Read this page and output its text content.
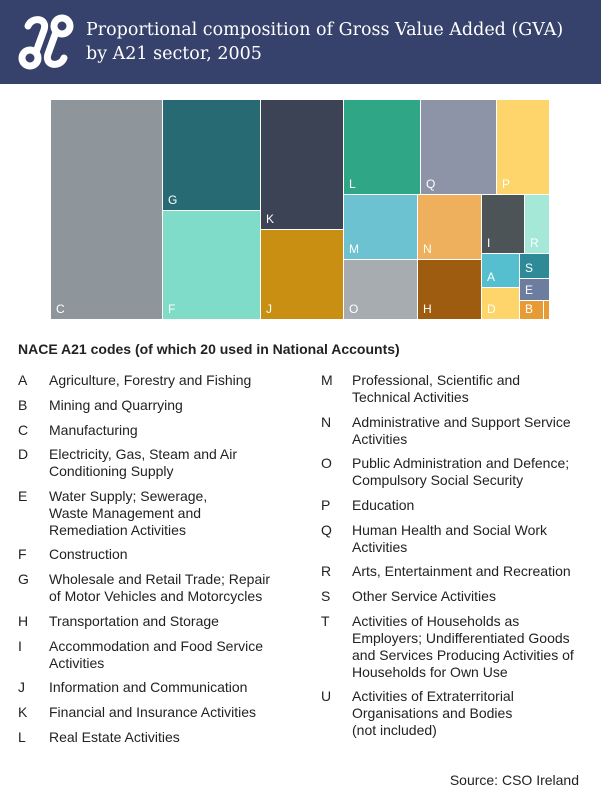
Proportional composition of Gross Value Added (GVA)
by A21 sector, 2005
C
G
F
K
J
L	Q	P
M	N
O	H
I	R
A
S
D
E
B
NACE A21 codes (of which 20 used in National Accounts)
A	Agriculture, Forestry and Fishing
B	Mining and Quarrying
C	Manufacturing
D	Electricity, Gas, Steam and Air
Conditioning Supply
E	Water Supply; Sewerage,
Waste Management and
Remediation Activities
F	Construction
G	Wholesale and Retail Trade; Repair
of Motor Vehicles and Motorcycles
H	Transportation and Storage
I	Accommodation and Food Service
Activities
J	Information and Communication
K	Financial and Insurance Activities
L	Real Estate Activities
M	Professional, Scientific and
Technical Activities
N	Administrative and Support Service
Activities
O	Public Administration and Defence;
Compulsory Social Security
P	Education
Q	Human Health and Social Work
Activities
R	Arts, Entertainment and Recreation
S	Other Service Activities
T	Activities of Households as
Employers; Undifferentiated Goods
and Services Producing Activities of
Households for Own Use
U	Activities of Extraterritorial
Organisations and Bodies
(not included)
Source: CSO Ireland
